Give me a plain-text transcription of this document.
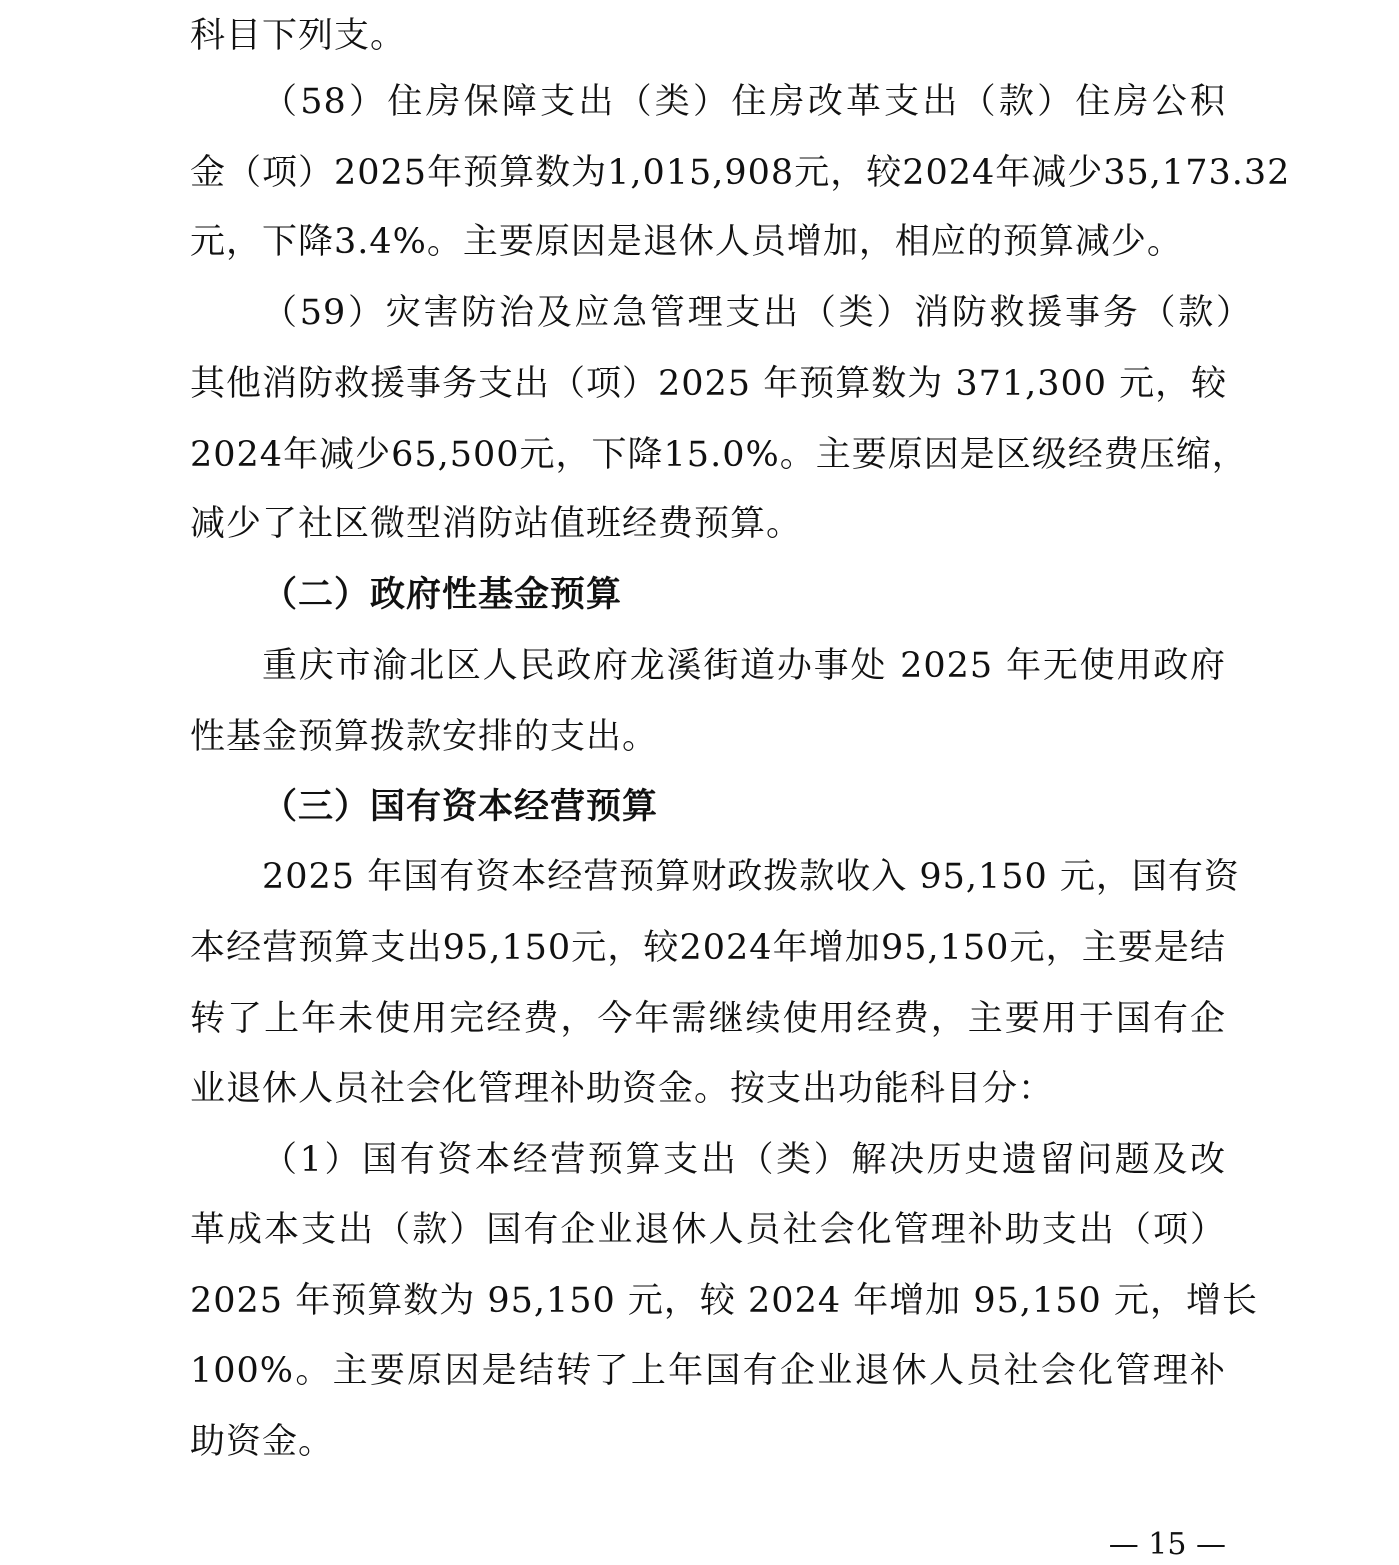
科目下列支。
（58）住房保障支出（类）住房改革支出（款）住房公积
金（项）2025年预算数为1,015,908元，较2024年减少35,173.32
元，下降3.4%。主要原因是退休人员增加，相应的预算减少。
（59）灾害防治及应急管理支出（类）消防救援事务（款）
其他消防救援事务支出（项）2025 年预算数为 371,300 元，较
2024年减少65,500元，下降15.0%。主要原因是区级经费压缩，
减少了社区微型消防站值班经费预算。
（二）政府性基金预算
重庆市渝北区人民政府龙溪街道办事处 2025 年无使用政府
性基金预算拨款安排的支出。
（三）国有资本经营预算
2025 年国有资本经营预算财政拨款收入 95,150 元，国有资
本经营预算支出95,150元，较2024年增加95,150元，主要是结
转了上年未使用完经费，今年需继续使用经费，主要用于国有企
业退休人员社会化管理补助资金。按支出功能科目分：
（1）国有资本经营预算支出（类）解决历史遗留问题及改
革成本支出（款）国有企业退休人员社会化管理补助支出（项）
2025 年预算数为 95,150 元，较 2024 年增加 95,150 元，增长
100%。主要原因是结转了上年国有企业退休人员社会化管理补
助资金。
— 15 —
